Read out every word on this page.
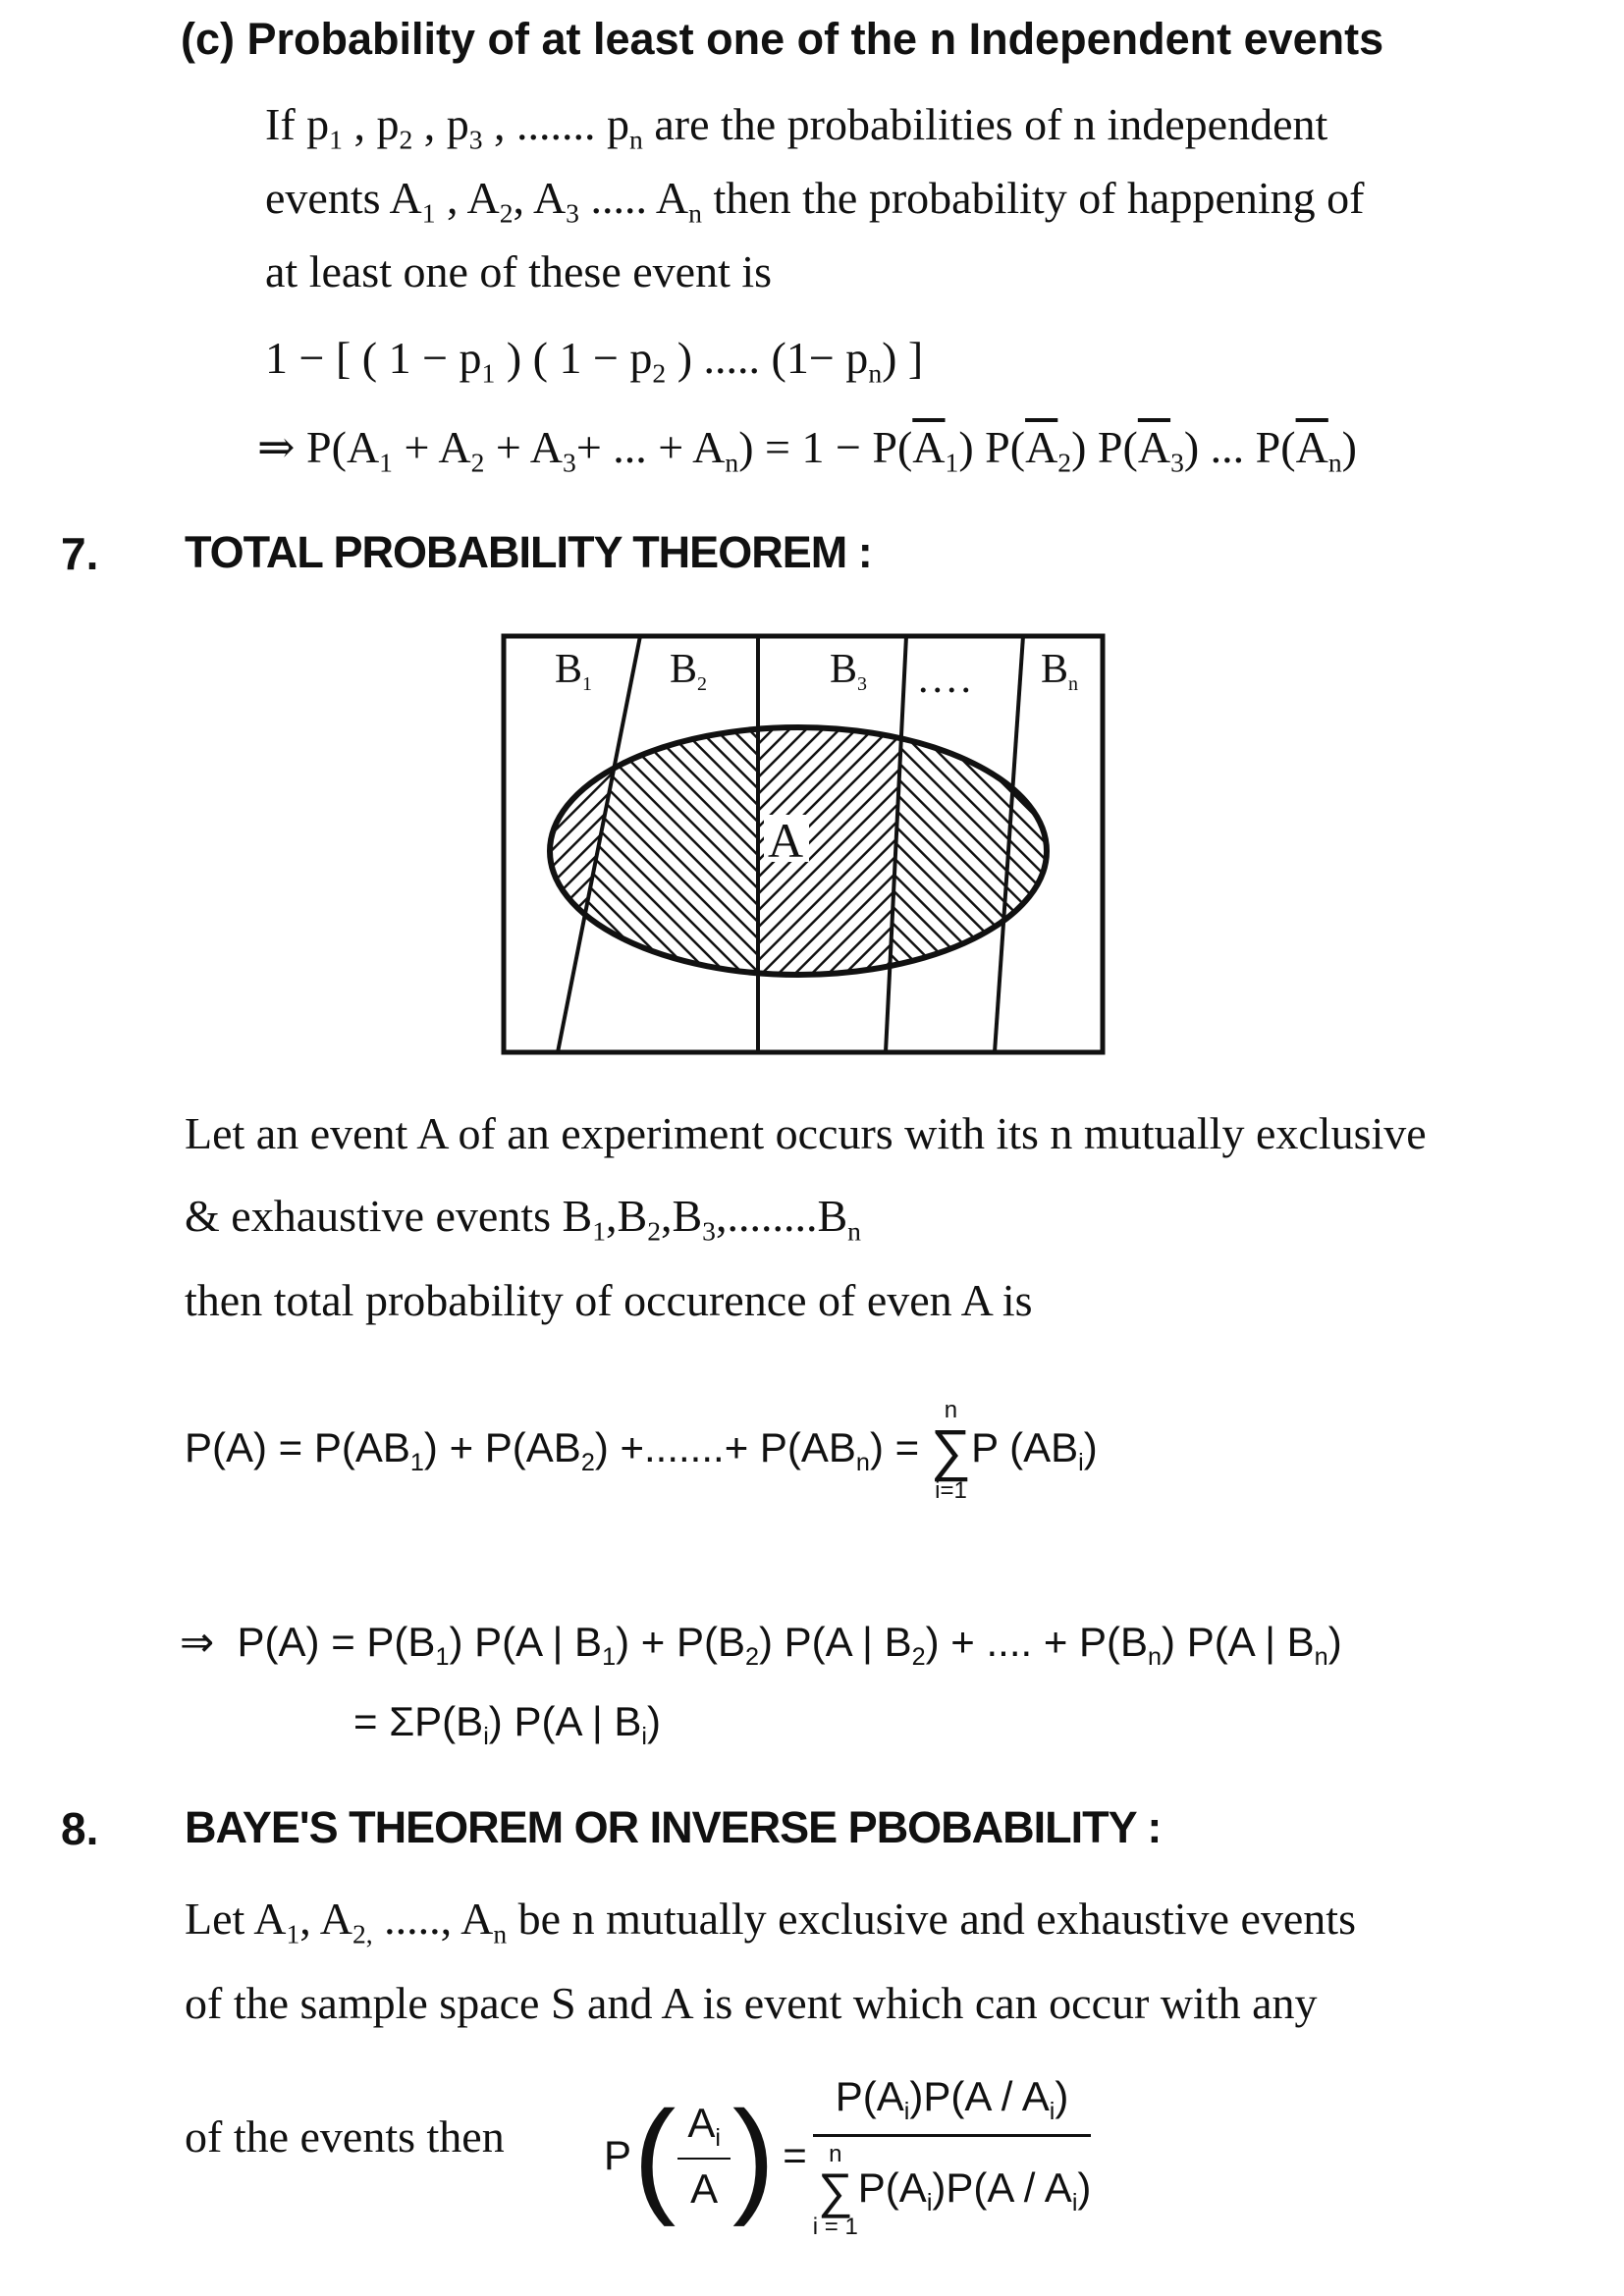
(c) Probability of at least one of the n Independent events
If $p_1$ , $p_2$ , $p_3$ , ....... $p_n$ are the probabilities of n independent
events $A_1$ , $A_2$, $A_3$ ..... $A_n$ then the probability of happening of
at least one of these event is
1 − [ ( $1 - p_1$ ) ( $1 - p_2$ ) ..... $(1- p_n)$ ]
⇒ $P(A_1 + A_2 + A_3+$ ... + $A_n) = 1 - P(\overline{A}_1)$ $P(\overline{A}_2)$ $P(\overline{A}_3)$ ... $P(\overline{A}_n)$
7. TOTAL PROBABILITY THEOREM :
B1 B2	B3 .... Bn
A
Let an event A of an experiment occurs with its n mutually exclusive
& exhaustive events $B_1,B_2,B_3,........B_n$
then total probability of occurence of even A is
$P(A) = P(AB_1) + P(AB_2)$ +.......+ $P(AB_n)$ =
n
∑
i=1
P $(AB_i)$
⇒ $P(A) = P(B_1)$ P(A | $B_1) + P(B_2)$ P(A | $B_2$) + .... + $P(B_n)$ P(A | $B_n$)
= $\Sigma P(B_i)$ P(A | $B_i$)
8. BAYE'S THEOREM OR INVERSE PBOBABILITY :
Let $A_1$, $A_{2,}$ ....., $A_n$ be n mutually exclusive and exhaustive events
of the sample space S and A is event which can occur with any
of the events then P ( $\frac{A_i}{A}$ ) = $P(A_i)P(A / A_i)$
n
∑
i = 1
$P(A_i)P(A / A_i)$
